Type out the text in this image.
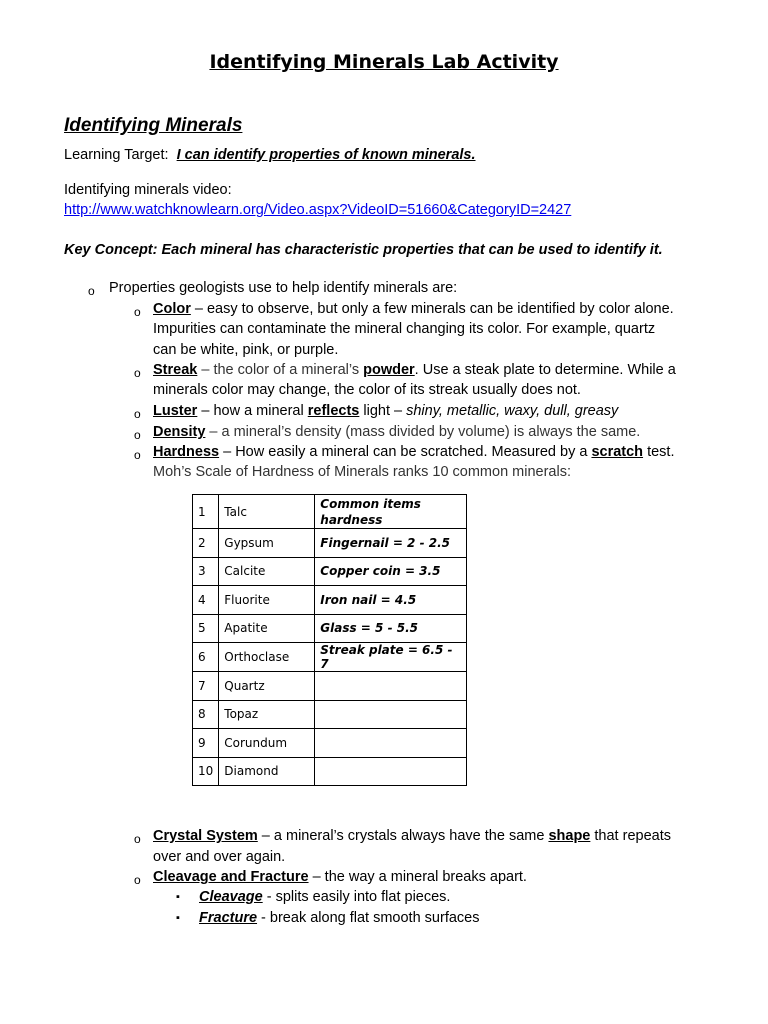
Identifying Minerals Lab Activity
Identifying Minerals
Learning Target: I can identify properties of known minerals.
Identifying minerals video:
http://www.watchknowlearn.org/Video.aspx?VideoID=51660&CategoryID=2427
Key Concept: Each mineral has characteristic properties that can be used to identify it.
o Properties geologists use to help identify minerals are:
o Color – easy to observe, but only a few minerals can be identified by color alone.
Impurities can contaminate the mineral changing its color. For example, quartz
can be white, pink, or purple.
o Streak – the color of a mineral’s powder. Use a steak plate to determine. While a
minerals color may change, the color of its streak usually does not.
o Luster – how a mineral reflects light – shiny, metallic, waxy, dull, greasy
o Density – a mineral’s density (mass divided by volume) is always the same.
o Hardness – How easily a mineral can be scratched. Measured by a scratch test.
Moh’s Scale of Hardness of Minerals ranks 10 common minerals:
1	Talc	Common items
hardness
2	Gypsum	Fingernail = 2 - 2.5
3	Calcite	Copper coin = 3.5
4	Fluorite	Iron nail = 4.5
5	Apatite	Glass = 5 - 5.5
6	Orthoclase	Streak plate = 6.5 - 7
7	Quartz	
8	Topaz	
9	Corundum	
10	Diamond	
o Crystal System – a mineral’s crystals always have the same shape that repeats
over and over again.
o Cleavage and Fracture – the way a mineral breaks apart.
▪ Cleavage - splits easily into flat pieces.
▪ Fracture - break along flat smooth surfaces
